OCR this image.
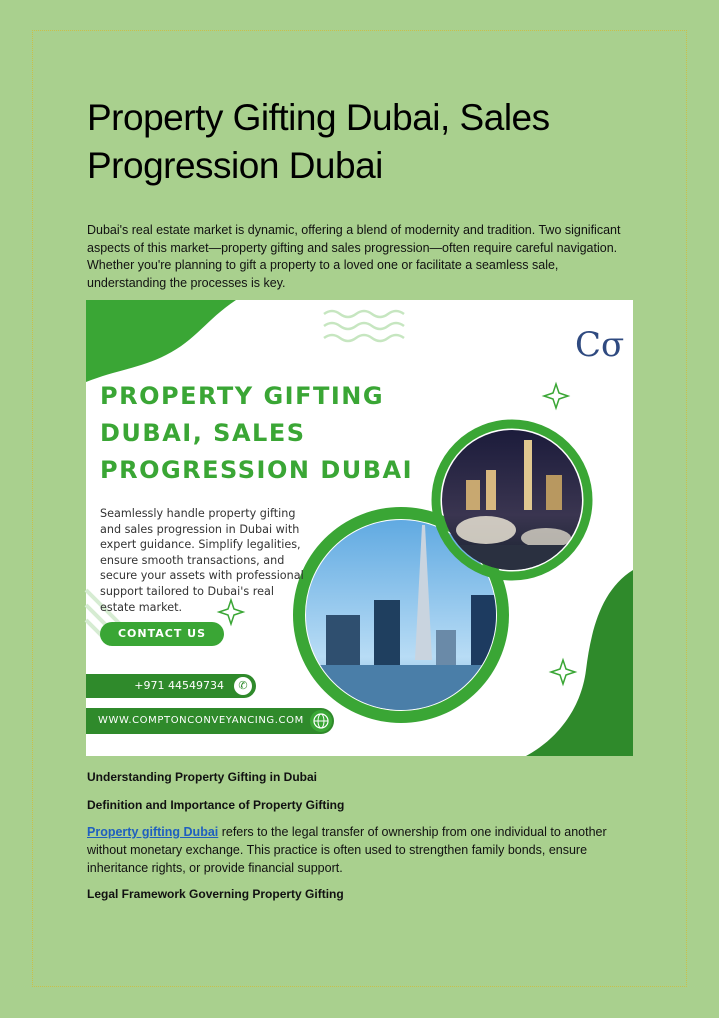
Property Gifting Dubai, Sales Progression Dubai

Dubai's real estate market is dynamic, offering a blend of modernity and tradition. Two significant aspects of this market—property gifting and sales progression—often require careful navigation. Whether you're planning to gift a property to a loved one or facilitate a seamless sale, understanding the processes is key.

Cσ
PROPERTY GIFTING
DUBAI, SALES
PROGRESSION DUBAI
Seamlessly handle property gifting and sales progression in Dubai with expert guidance. Simplify legalities, ensure smooth transactions, and secure your assets with professional support tailored to Dubai's real estate market.
CONTACT US
+971 44549734	✆
WWW.COMPTONCONVEYANCING.COM
Understanding Property Gifting in Dubai
Definition and Importance of Property Gifting

Property gifting Dubai refers to the legal transfer of ownership from one individual to another without monetary exchange. This practice is often used to strengthen family bonds, ensure inheritance rights, or provide financial support.

Legal Framework Governing Property Gifting
